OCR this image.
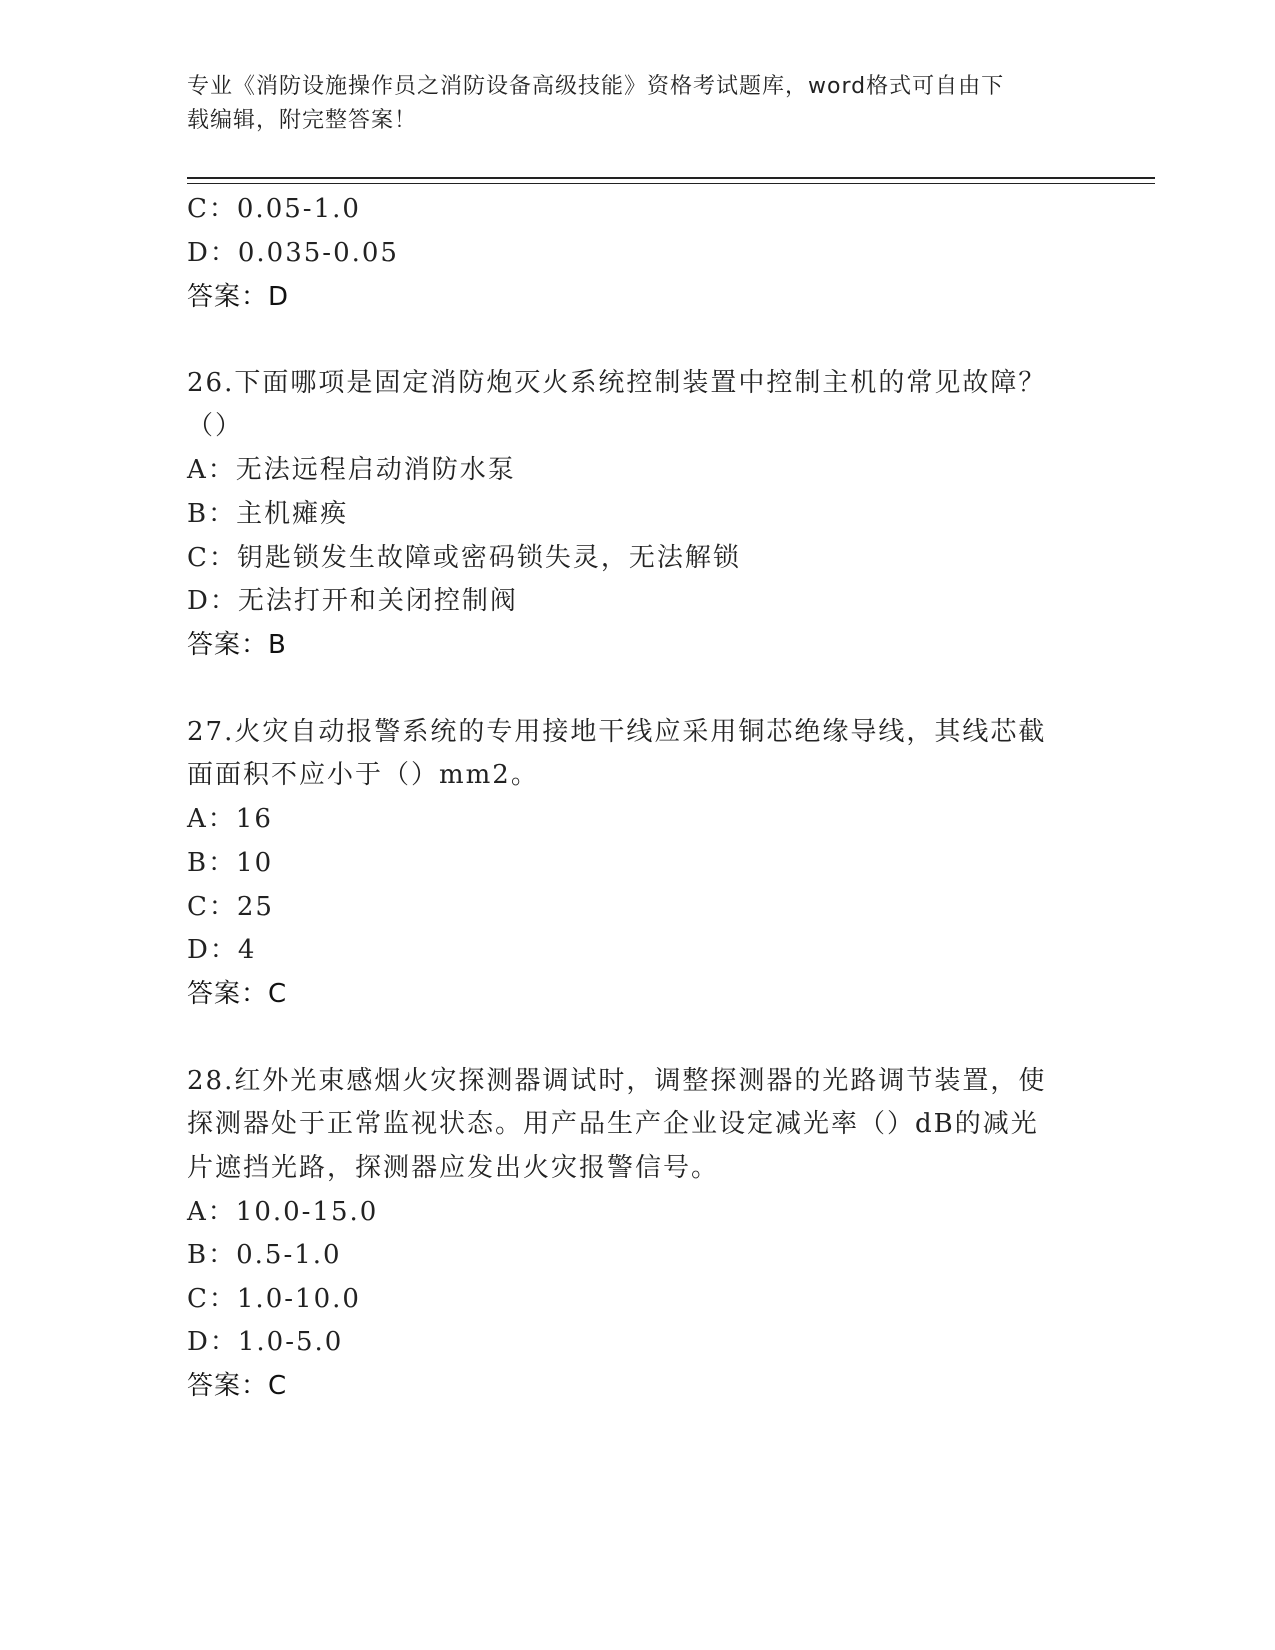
专业《消防设施操作员之消防设备高级技能》资格考试题库，word格式可自由下
载编辑，附完整答案！
C：0.05-1.0
D：0.035-0.05
答案：D
26.下面哪项是固定消防炮灭火系统控制装置中控制主机的常见故障？
（）
A：无法远程启动消防水泵
B：主机瘫痪
C：钥匙锁发生故障或密码锁失灵，无法解锁
D：无法打开和关闭控制阀
答案：B
27.火灾自动报警系统的专用接地干线应采用铜芯绝缘导线，其线芯截
面面积不应小于（）mm2。
A：16
B：10
C：25
D：4
答案：C
28.红外光束感烟火灾探测器调试时，调整探测器的光路调节装置，使
探测器处于正常监视状态。用产品生产企业设定减光率（）dB的减光
片遮挡光路，探测器应发出火灾报警信号。
A：10.0-15.0
B：0.5-1.0
C：1.0-10.0
D：1.0-5.0
答案：C
